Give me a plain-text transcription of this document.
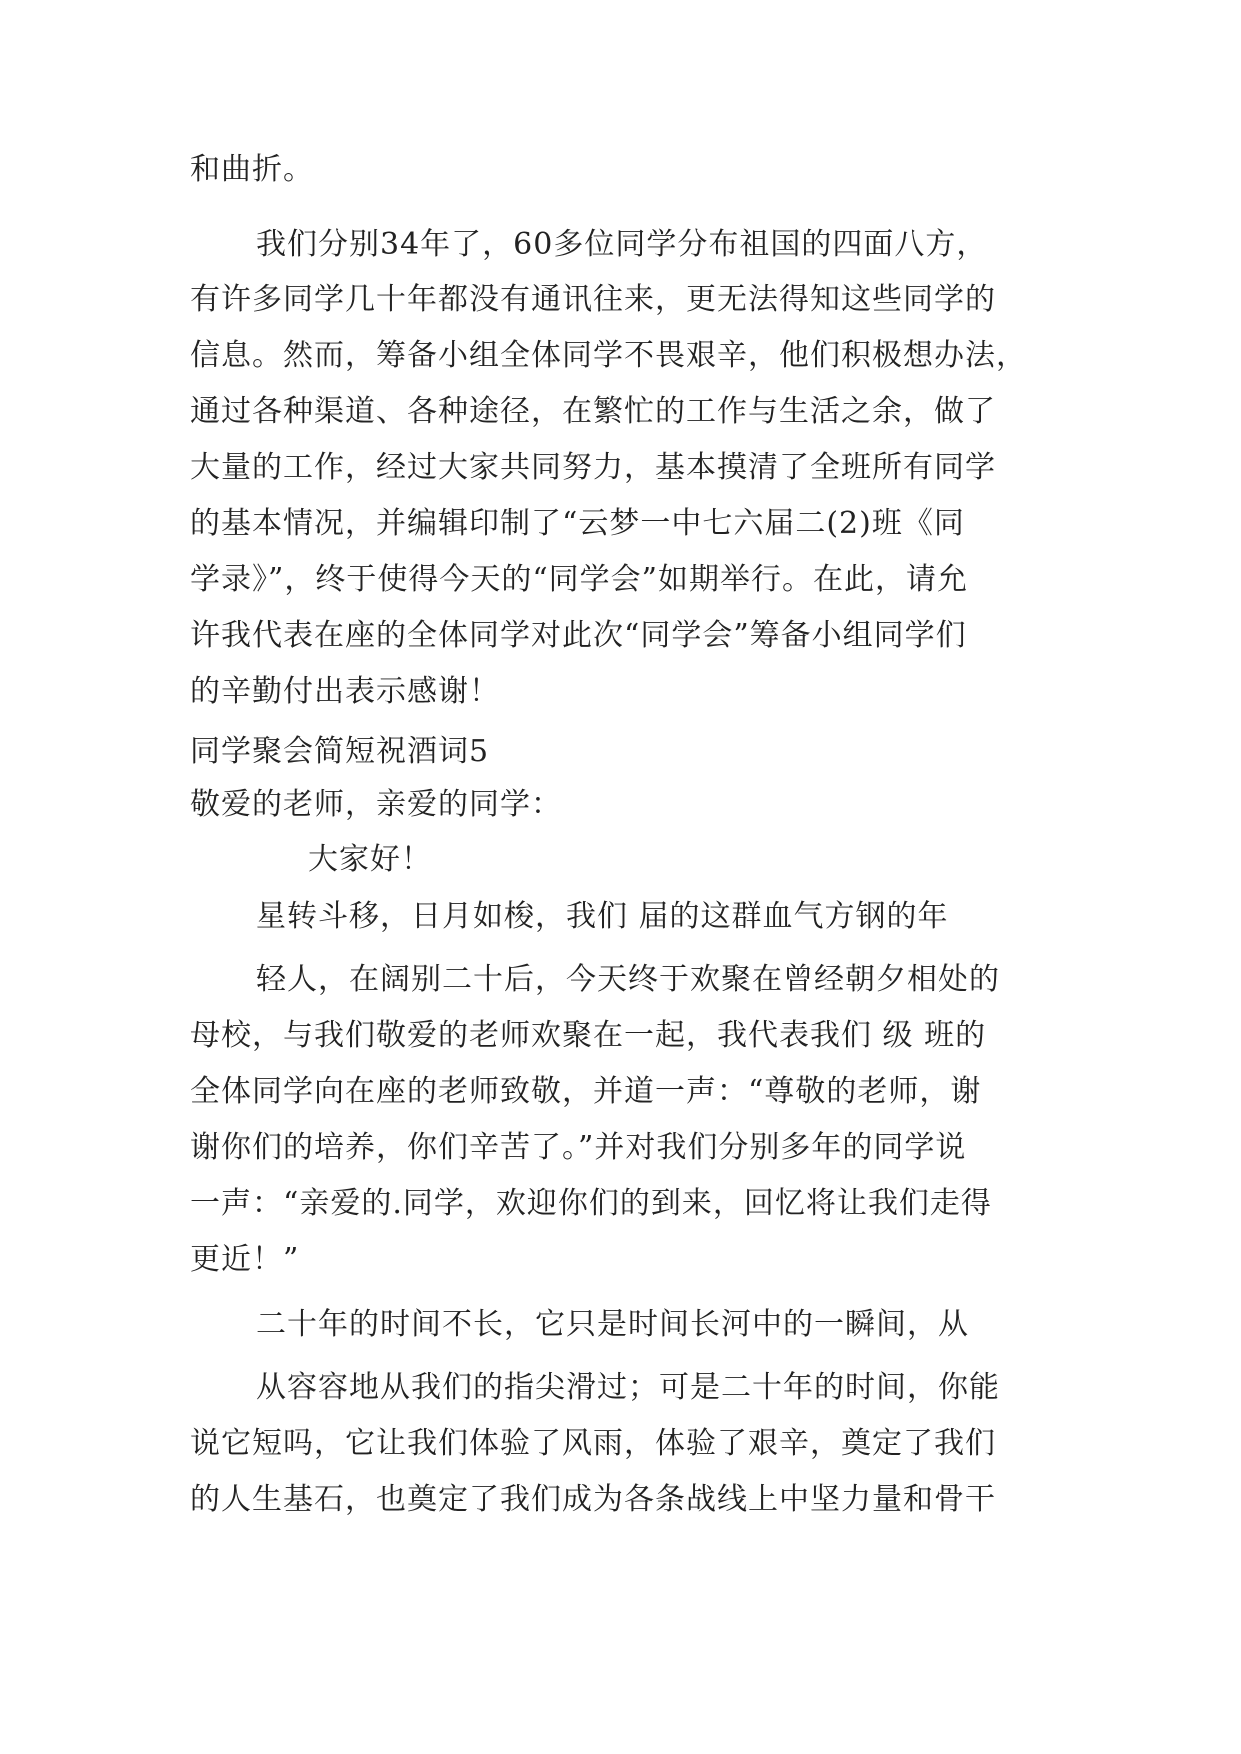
和曲折。
我们分别34年了，60多位同学分布祖国的四面八方，
有许多同学几十年都没有通讯往来，更无法得知这些同学的
信息。然而，筹备小组全体同学不畏艰辛，他们积极想办法，
通过各种渠道、各种途径，在繁忙的工作与生活之余，做了
大量的工作，经过大家共同努力，基本摸清了全班所有同学
的基本情况，并编辑印制了“云梦一中七六届二(2)班《同
学录》”，终于使得今天的“同学会”如期举行。在此，请允
许我代表在座的全体同学对此次“同学会”筹备小组同学们
的辛勤付出表示感谢！
同学聚会简短祝酒词5
敬爱的老师，亲爱的同学：
大家好！
星转斗移，日月如梭，我们 届的这群血气方钢的年
轻人，在阔别二十后，今天终于欢聚在曾经朝夕相处的
母校，与我们敬爱的老师欢聚在一起，我代表我们 级 班的
全体同学向在座的老师致敬，并道一声：“尊敬的老师，谢
谢你们的培养，你们辛苦了。”并对我们分别多年的同学说
一声：“亲爱的.同学，欢迎你们的到来，回忆将让我们走得
更近！”
二十年的时间不长，它只是时间长河中的一瞬间，从
从容容地从我们的指尖滑过；可是二十年的时间，你能
说它短吗，它让我们体验了风雨，体验了艰辛，奠定了我们
的人生基石，也奠定了我们成为各条战线上中坚力量和骨干
